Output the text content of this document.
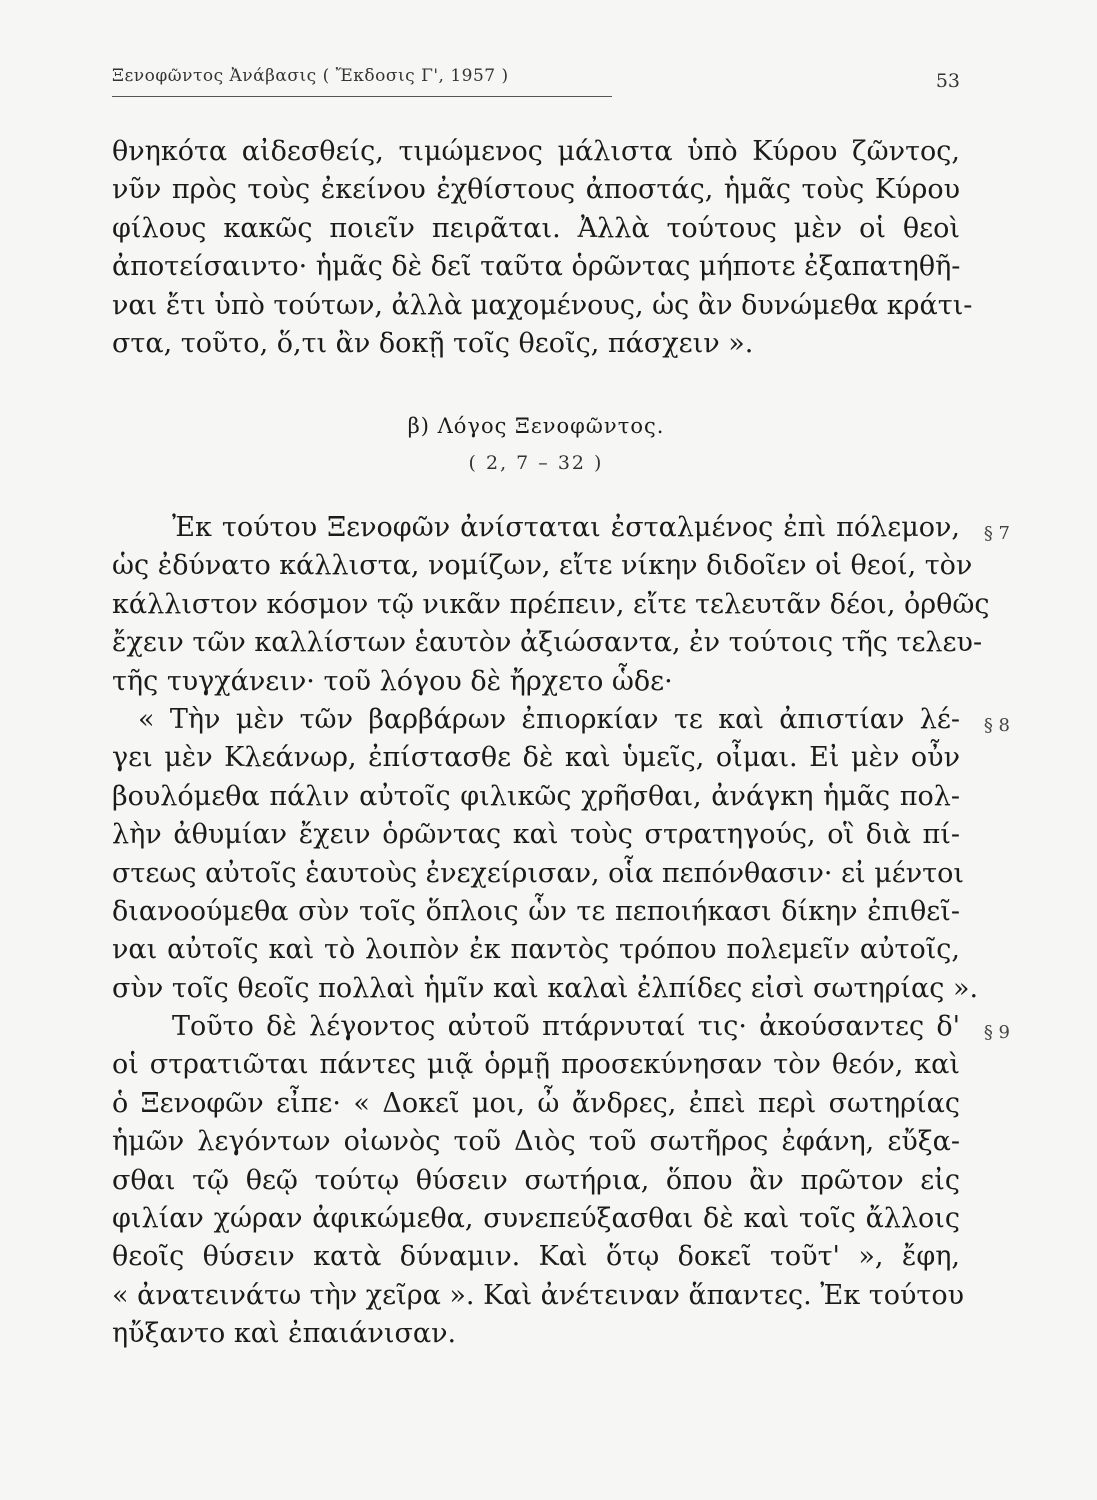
Ξενοφῶντος Ἀνάβασις ( Ἔκδοσις Γ', 1957 )	53
θνηκότα αἰδεσθείς, τιμώμενος μάλιστα ὑπὸ Κύρου ζῶντος,
νῦν πρὸς τοὺς ἐκείνου ἐχθίστους ἀποστάς, ἡμᾶς τοὺς Κύρου
φίλους κακῶς ποιεῖν πειρᾶται. Ἀλλὰ τούτους μὲν οἱ θεοὶ
ἀποτείσαιντο· ἡμᾶς δὲ δεῖ ταῦτα ὁρῶντας μήποτε ἐξαπατηθῆ-
ναι ἔτι ὑπὸ τούτων, ἀλλὰ μαχομένους, ὡς ἂν δυνώμεθα κράτι-
στα, τοῦτο, ὅ,τι ἂν δοκῇ τοῖς θεοῖς, πάσχειν ».
β) Λόγος Ξενοφῶντος.
( 2, 7 – 32 )
Ἐκ τούτου Ξενοφῶν ἀνίσταται ἐσταλμένος ἐπὶ πόλεμον, § 7
ὡς ἐδύνατο κάλλιστα, νομίζων, εἴτε νίκην διδοῖεν οἱ θεοί, τὸν
κάλλιστον κόσμον τῷ νικᾶν πρέπειν, εἴτε τελευτᾶν δέοι, ὀρθῶς
ἔχειν τῶν καλλίστων ἑαυτὸν ἀξιώσαντα, ἐν τούτοις τῆς τελευ-
τῆς τυγχάνειν· τοῦ λόγου δὲ ἤρχετο ὧδε·
« Τὴν μὲν τῶν βαρβάρων ἐπιορκίαν τε καὶ ἀπιστίαν λέ- § 8
γει μὲν Κλεάνωρ, ἐπίστασθε δὲ καὶ ὑμεῖς, οἶμαι. Εἰ μὲν οὖν
βουλόμεθα πάλιν αὐτοῖς φιλικῶς χρῆσθαι, ἀνάγκη ἡμᾶς πολ-
λὴν ἀθυμίαν ἔχειν ὁρῶντας καὶ τοὺς στρατηγούς, οἳ διὰ πί-
στεως αὐτοῖς ἑαυτοὺς ἐνεχείρισαν, οἷα πεπόνθασιν· εἰ μέντοι
διανοούμεθα σὺν τοῖς ὅπλοις ὧν τε πεποιήκασι δίκην ἐπιθεῖ-
ναι αὐτοῖς καὶ τὸ λοιπὸν ἐκ παντὸς τρόπου πολεμεῖν αὐτοῖς,
σὺν τοῖς θεοῖς πολλαὶ ἡμῖν καὶ καλαὶ ἐλπίδες εἰσὶ σωτηρίας ».
Τοῦτο δὲ λέγοντος αὐτοῦ πτάρνυταί τις· ἀκούσαντες δ' § 9
οἱ στρατιῶται πάντες μιᾷ ὁρμῇ προσεκύνησαν τὸν θεόν, καὶ
ὁ Ξενοφῶν εἶπε· « Δοκεῖ μοι, ὦ ἄνδρες, ἐπεὶ περὶ σωτηρίας
ἡμῶν λεγόντων οἰωνὸς τοῦ Διὸς τοῦ σωτῆρος ἐφάνη, εὔξα-
σθαι τῷ θεῷ τούτῳ θύσειν σωτήρια, ὅπου ἂν πρῶτον εἰς
φιλίαν χώραν ἀφικώμεθα, συνεπεύξασθαι δὲ καὶ τοῖς ἄλλοις
θεοῖς θύσειν κατὰ δύναμιν. Καὶ ὅτῳ δοκεῖ τοῦτ' », ἔφη,
« ἀνατεινάτω τὴν χεῖρα ». Καὶ ἀνέτειναν ἅπαντες. Ἐκ τούτου
ηὔξαντο καὶ ἐπαιάνισαν.
